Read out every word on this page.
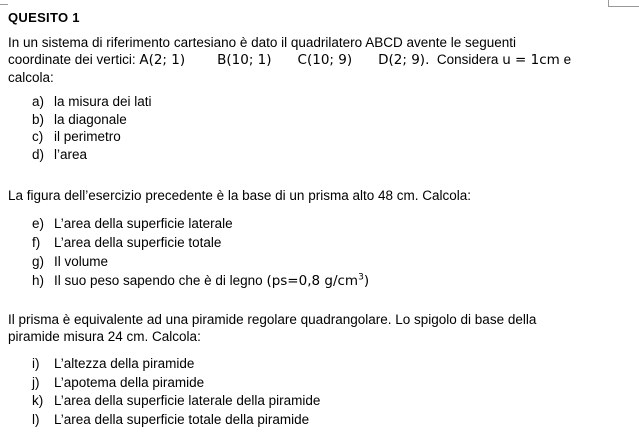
QUESITO 1
In un sistema di riferimento cartesiano è dato il quadrilatero ABCD avente le seguenti
coordinate dei vertici: A(2; 1) B(10; 1) C(10; 9) D(2; 9). Considera u = 1cm e
calcola:
a) la misura dei lati
b) la diagonale
c) il perimetro
d) l’area
La figura dell’esercizio precedente è la base di un prisma alto 48 cm. Calcola:
e) L’area della superficie laterale
f) L’area della superficie totale
g) Il volume
h) Il suo peso sapendo che è di legno (ps=0,8 $g/cm^3$)
Il prisma è equivalente ad una piramide regolare quadrangolare. Lo spigolo di base della
piramide misura 24 cm. Calcola:
i) L’altezza della piramide
j) L’apotema della piramide
k) L’area della superficie laterale della piramide
l) L’area della superficie totale della piramide
